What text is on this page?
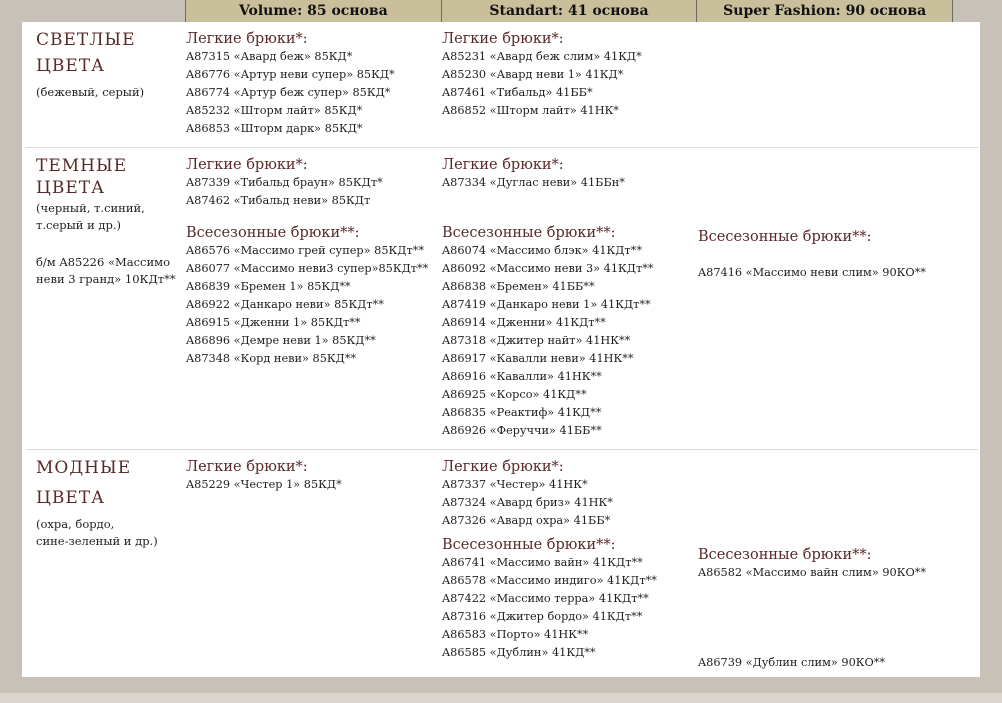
Volume: 85 основа	Standart: 41 основа	Super Fashion: 90 основа
СВЕТЛЫЕ
ЦВЕТА
(бежевый, серый)
Легкие брюки*:
A87315 «Авард беж» 85КД*
A86776 «Артур неви супер» 85КД*
A86774 «Артур беж супер» 85КД*
A85232 «Шторм лайт» 85КД*
A86853 «Шторм дарк» 85КД*
Легкие брюки*:
A85231 «Авард беж слим» 41КД*
A85230 «Авард неви 1» 41КД*
A87461 «Тибальд» 41ББ*
A86852 «Шторм лайт» 41НК*
ТЕМНЫЕ
ЦВЕТА
(черный, т.синий,
т.серый и др.)
б/м A85226 «Массимо
неви 3 гранд» 10КДт**
Легкие брюки*:
A87339 «Тибальд браун» 85КДт*
A87462 «Тибальд неви» 85КДт
Всесезонные брюки**:
A86576 «Массимо грей супер» 85КДт**
A86077 «Массимо неви3 супер»85КДт**
A86839 «Бремен 1» 85КД**
A86922 «Данкаро неви» 85КДт**
A86915 «Дженни 1» 85КДт**
A86896 «Демре неви 1» 85КД**
A87348 «Корд неви» 85КД**
Легкие брюки*:
A87334 «Дуглас неви» 41ББн*
Всесезонные брюки**:
A86074 «Массимо блэк» 41КДт**
A86092 «Массимо неви 3» 41КДт**
A86838 «Бремен» 41ББ**
A87419 «Данкаро неви 1» 41КДт**
A86914 «Дженни» 41КДт**
A87318 «Джитер найт» 41НК**
A86917 «Кавалли неви» 41НК**
A86916 «Кавалли» 41НК**
A86925 «Корсо» 41КД**
A86835 «Реактиф» 41КД**
A86926 «Феруччи» 41ББ**
Всесезонные брюки**:
A87416 «Массимо неви слим» 90КО**
МОДНЫЕ
ЦВЕТА
(охра, бордо,
сине-зеленый и др.)
Легкие брюки*:
A85229 «Честер 1» 85КД*
Легкие брюки*:
A87337 «Честер» 41НК*
A87324 «Авард бриз» 41НК*
A87326 «Авард охра» 41ББ*
Всесезонные брюки**:
A86741 «Массимо вайн» 41КДт**
A86578 «Массимо индиго» 41КДт**
A87422 «Массимо терра» 41КДт**
A87316 «Джитер бордо» 41КДт**
A86583 «Порто» 41НК**
A86585 «Дублин» 41КД**
Всесезонные брюки**:
A86582 «Массимо вайн слим» 90КО**
A86739 «Дублин слим» 90КО**
